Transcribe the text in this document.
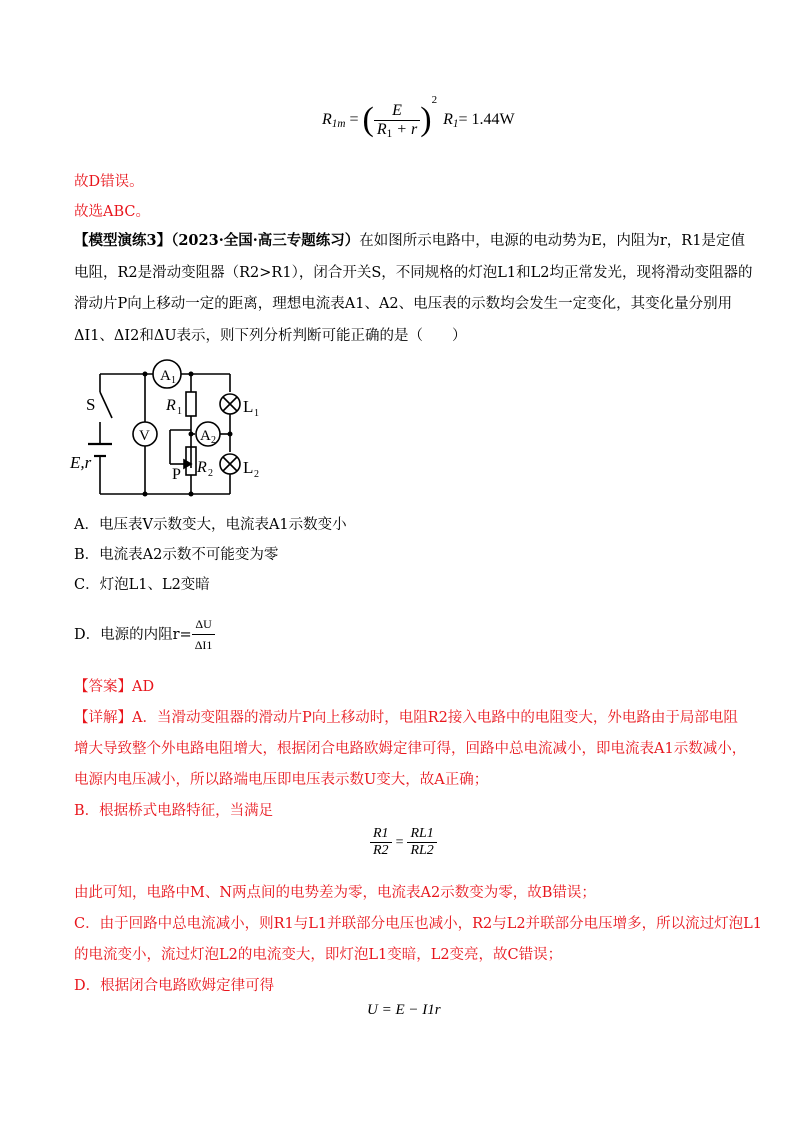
$R_{1m}$ = ( $\frac{E}{R_1 + r}$ )
$^2$
$R_1 = 1.44W$
故D错误。
故选ABC。
【模型演练3】（2023·全国·高三专题练习）在如图所示电路中，电源的电动势为E，内阻为r，R1是定值
电阻，R2是滑动变阻器（R2>R1），闭合开关S，不同规格的灯泡L1和L2均正常发光，现将滑动变阻器的
滑动片P向上移动一定的距离，理想电流表A1、A2、电压表的示数均会发生一定变化，其变化量分别用
ΔI1、ΔI2和ΔU表示，则下列分析判断可能正确的是（　　）
S
E,r
V
A 1
A 2
R 1
R 2
P
L 1
L 2
A．电压表V示数变大，电流表A1示数变小
B．电流表A2示数不可能变为零
C．灯泡L1、L2变暗
D．电源的内阻$r= \frac{\Delta U}{\Delta I1}$
【答案】AD
【详解】A．当滑动变阻器的滑动片P向上移动时，电阻R2接入电路中的电阻变大，外电路由于局部电阻
增大导致整个外电路电阻增大，根据闭合电路欧姆定律可得，回路中总电流减小，即电流表A1示数减小，
电源内电压减小，所以路端电压即电压表示数U变大，故A正确；
B．根据桥式电路特征，当满足
$\frac{R1}{R2} = \frac{RL1}{RL2}$
由此可知，电路中M、N两点间的电势差为零，电流表A2示数变为零，故B错误；
C．由于回路中总电流减小，则R1与L1并联部分电压也减小，R2与L2并联部分电压增多，所以流过灯泡L1
的电流变小，流过灯泡L2的电流变大，即灯泡L1变暗，L2变亮，故C错误；
D．根据闭合电路欧姆定律可得
U = E − I1r
